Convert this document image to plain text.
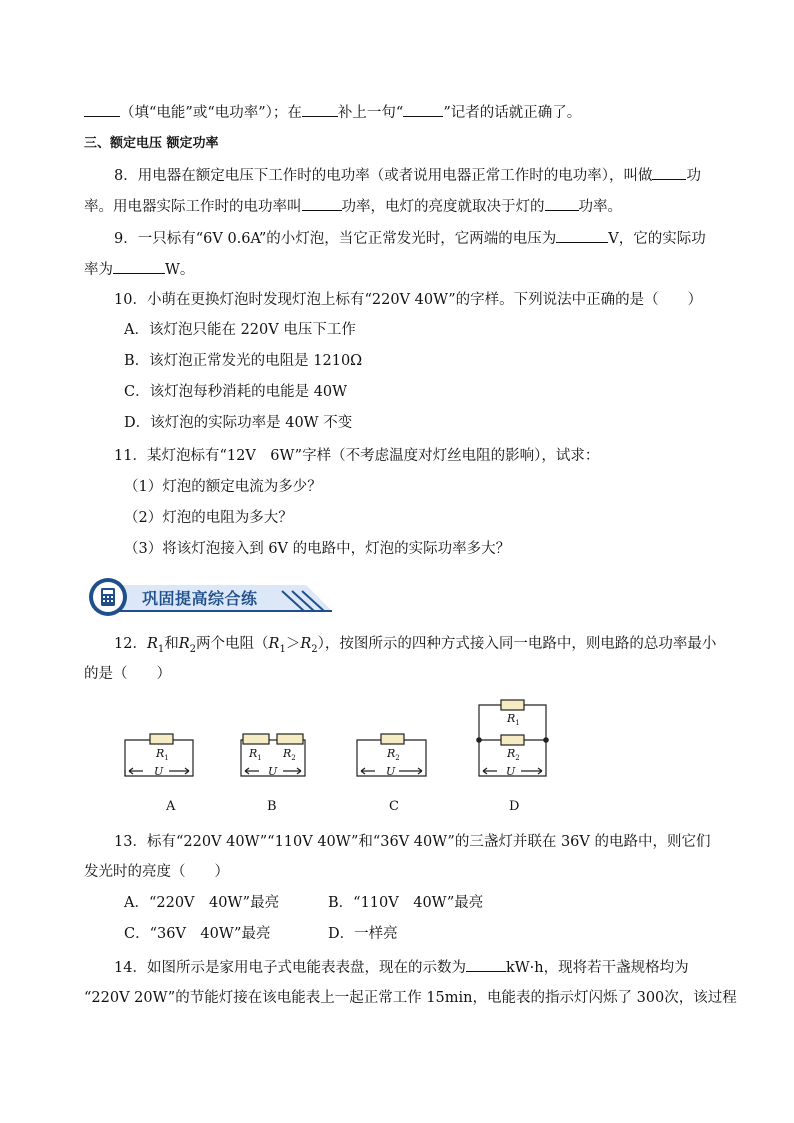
（填“电能”或“电功率”）；在 补上一句“	”记者的话就正确了。
三、额定电压 额定功率
8．用电器在额定电压下工作时的电功率（或者说用电器正常工作时的电功率），叫做 功
率。用电器实际工作时的电功率叫	功率，电灯的亮度就取决于灯的 功率。
9．一只标有“6V 0.6A”的小灯泡，当它正常发光时，它两端的电压为	V，它的实际功
率为	W。
10．小萌在更换灯泡时发现灯泡上标有“220V 40W”的字样。下列说法中正确的是（　　）
A．该灯泡只能在 220V 电压下工作
B．该灯泡正常发光的电阻是 1210Ω
C．该灯泡每秒消耗的电能是 40W
D．该灯泡的实际功率是 40W 不变
11．某灯泡标有“12V　6W”字样（不考虑温度对灯丝电阻的影响），试求：
（1）灯泡的额定电流为多少？
（2）灯泡的电阻为多大？
（3）将该灯泡接入到 6V 的电路中，灯泡的实际功率多大？
巩固提高综合练
12．$R_1$和$R_2$两个电阻$(R_1>R_2)$，按图所示的四种方式接入同一电路中，则电路的总功率最小
的是（　　）
$R_1$	$R_1$ $R_2$	$R_2$
$R_1$
$R_2$
U	U	U	U
A	B	C	D
13．标有“220V 40W”“110V 40W”和“36V 40W”的三盏灯并联在 36V 的电路中，则它们
发光时的亮度（　　）
A．“220V　40W”最亮	B．“110V　40W”最亮
C．“36V　40W”最亮	D．一样亮
14．如图所示是家用电子式电能表表盘，现在的示数为	kW·h，现将若干盏规格均为
“220V 20W”的节能灯接在该电能表上一起正常工作 15min，电能表的指示灯闪烁了 300次，该过程
